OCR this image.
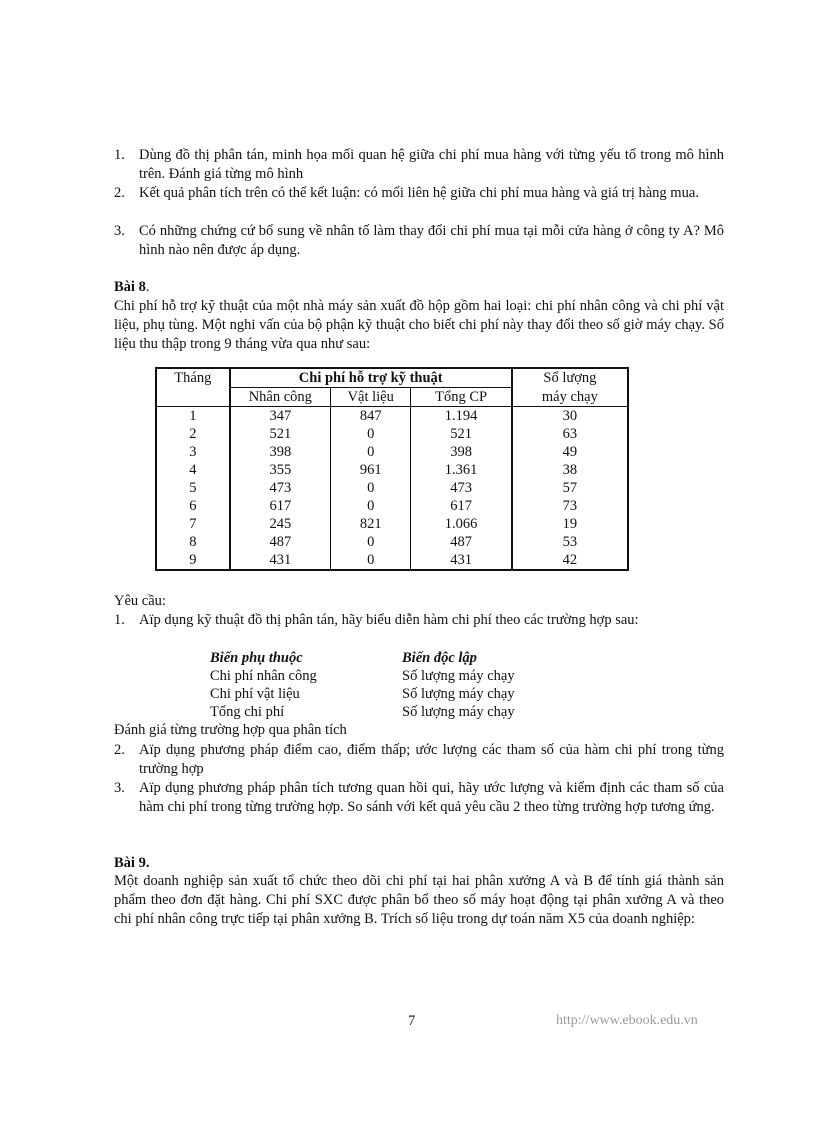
1. Dùng đồ thị phân tán, minh họa mối quan hệ giữa chi phí mua hàng với từng yếu tố trong mô hình trên. Đánh giá từng mô hình
2. Kết quả phân tích trên có thể kết luận: có mối liên hệ giữa chi phí mua hàng và giá trị hàng mua.
3. Có những chứng cứ bổ sung về nhân tố làm thay đổi chi phí mua tại mỗi cửa hàng ở công ty A? Mô hình nào nên được áp dụng.
Bài 8.
Chi phí hỗ trợ kỹ thuật của một nhà máy sản xuất đồ hộp gồm hai loại: chi phí nhân công và chi phí vật liệu, phụ tùng. Một nghi vấn của bộ phận kỹ thuật cho biết chi phí này thay đổi theo số giờ máy chạy. Số liệu thu thập trong 9 tháng vừa qua như sau:
Tháng	Chi phí hỗ trợ kỹ thuật			Số lượng
	Nhân công	Vật liệu	Tổng CP	máy chạy
1	347	847	1.194	30
2	521	0	521	63
3	398	0	398	49
4	355	961	1.361	38
5	473	0	473	57
6	617	0	617	73
7	245	821	1.066	19
8	487	0	487	53
9	431	0	431	42
Yêu cầu:
1. Aïp dụng kỹ thuật đồ thị phân tán, hãy biểu diễn hàm chi phí theo các trường hợp sau:
Biến phụ thuộc	Biến độc lập
Chi phí nhân công	Số lượng máy chạy
Chi phí vật liệu	Số lượng máy chạy
Tổng chi phí	Số lượng máy chạy
Đánh giá từng trường hợp qua phân tích
2. Aïp dụng phương pháp điểm cao, điểm thấp; ước lượng các tham số của hàm chi phí trong từng trường hợp
3. Aïp dụng phương pháp phân tích tương quan hồi qui, hãy ước lượng và kiểm định các tham số của hàm chi phí trong từng trường hợp. So sánh với kết quả yêu cầu 2 theo từng trường hợp tương ứng.
Bài 9.
Một doanh nghiệp sản xuất tổ chức theo dõi chi phí tại hai phân xưởng A và B để tính giá thành sản phẩm theo đơn đặt hàng. Chi phí SXC được phân bổ theo số máy hoạt động tại phân xưởng A và theo chi phí nhân công trực tiếp tại phân xưởng B. Trích số liệu trong dự toán năm X5 của doanh nghiệp:
7	http://www.ebook.edu.vn
